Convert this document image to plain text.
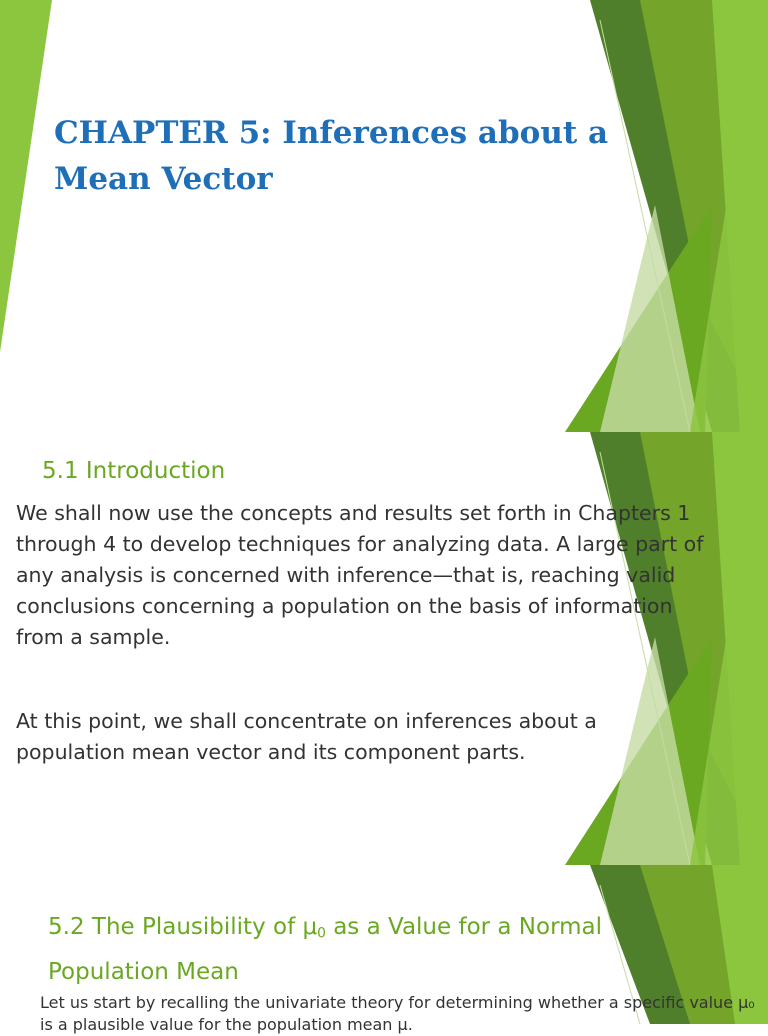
CHAPTER 5: Inferences about a Mean Vector
5.1 Introduction

We shall now use the concepts and results set forth in Chapters 1 through 4 to develop techniques for analyzing data. A large part of any analysis is concerned with inference—that is, reaching valid conclusions concerning a population on the basis of information from a sample.

At this point, we shall concentrate on inferences about a population mean vector and its component parts.

5.2 The Plausibility of $\mu_0$ as a Value for a Normal Population Mean

Let us start by recalling the univariate theory for determining whether a specific value μ₀ is a plausible value for the population mean μ.
